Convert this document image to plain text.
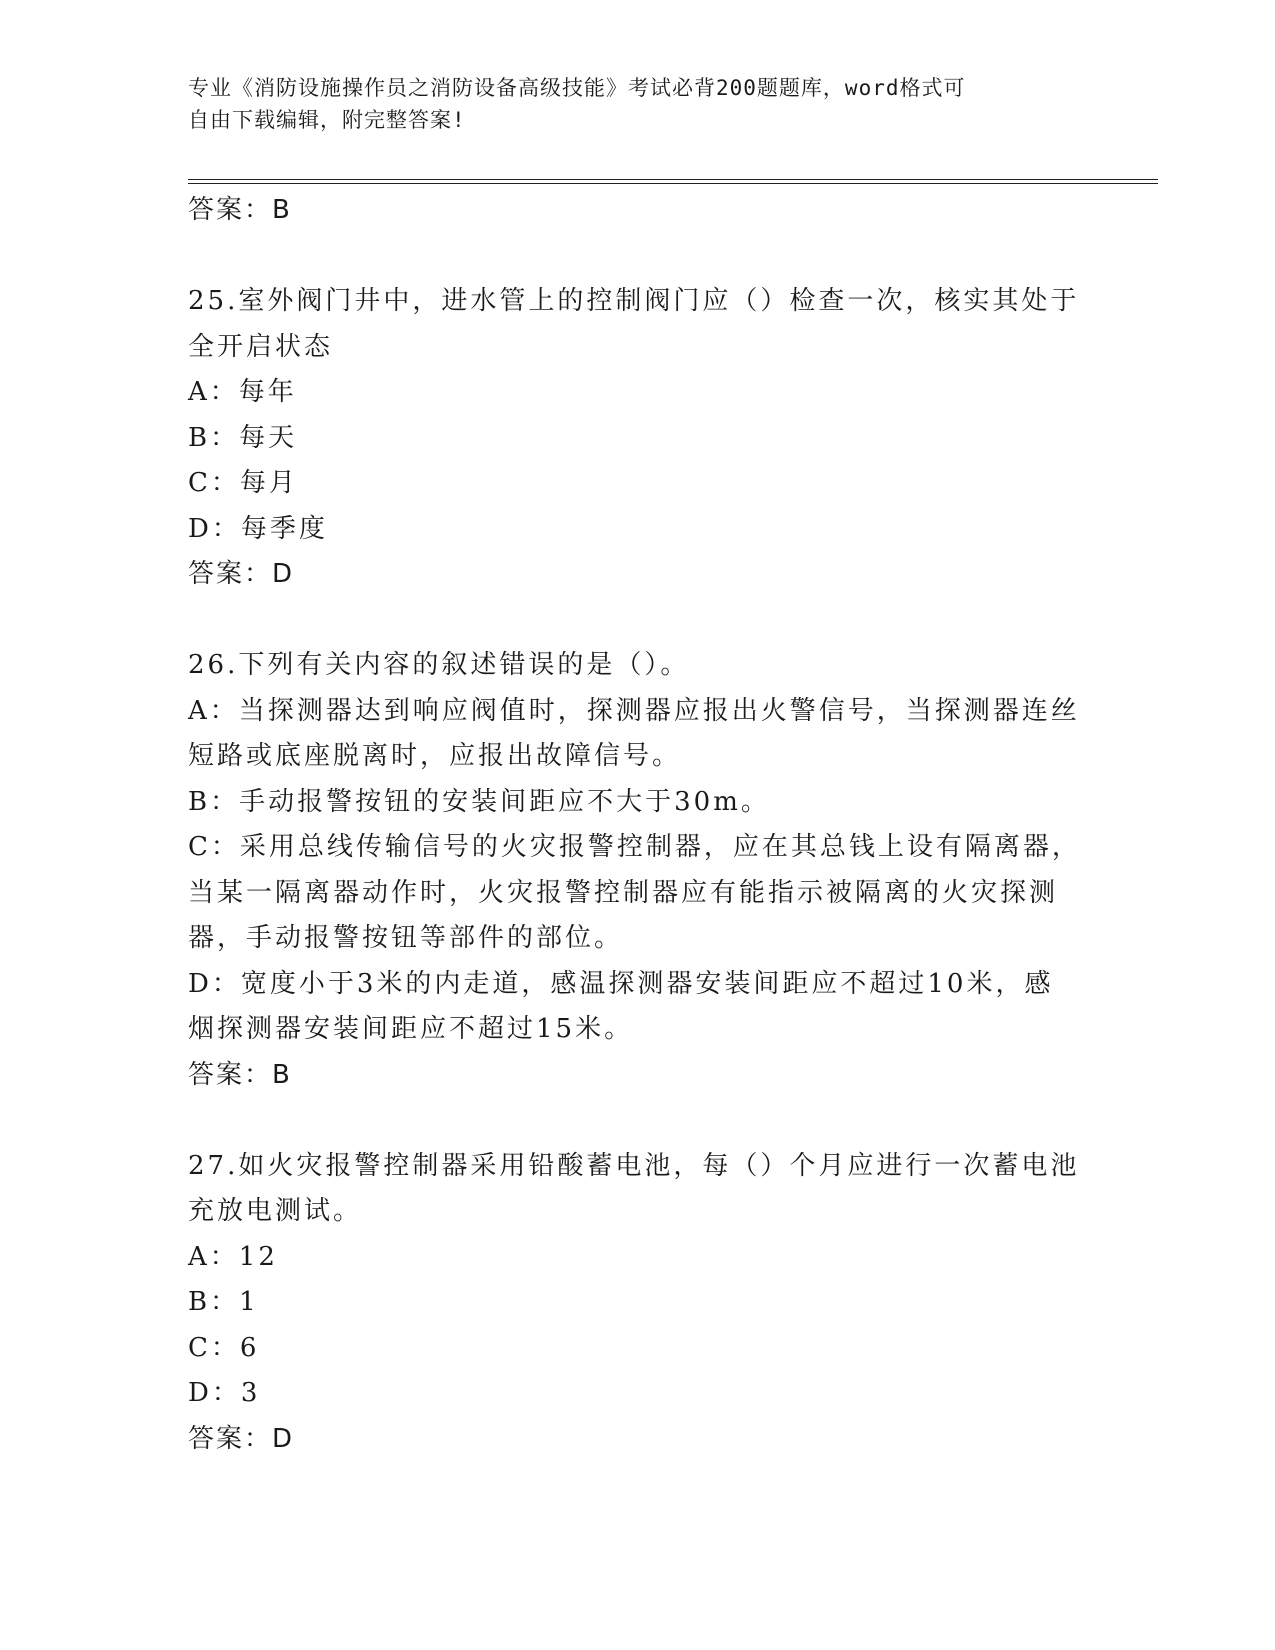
专业《消防设施操作员之消防设备高级技能》考试必背200题题库，word格式可
自由下载编辑，附完整答案!
答案：B
25.室外阀门井中，进水管上的控制阀门应（）检查一次，核实其处于
全开启状态
A：每年
B：每天
C：每月
D：每季度
答案：D
26.下列有关内容的叙述错误的是（）。
A：当探测器达到响应阀值时，探测器应报出火警信号，当探测器连丝
短路或底座脱离时，应报出故障信号。
B：手动报警按钮的安装间距应不大于30m。
C：采用总线传输信号的火灾报警控制器，应在其总钱上设有隔离器，
当某一隔离器动作时，火灾报警控制器应有能指示被隔离的火灾探测
器，手动报警按钮等部件的部位。
D：宽度小于3米的内走道，感温探测器安装间距应不超过10米，感
烟探测器安装间距应不超过15米。
答案：B
27.如火灾报警控制器采用铅酸蓄电池，每（）个月应进行一次蓄电池
充放电测试。
A：12
B：1
C：6
D：3
答案：D
